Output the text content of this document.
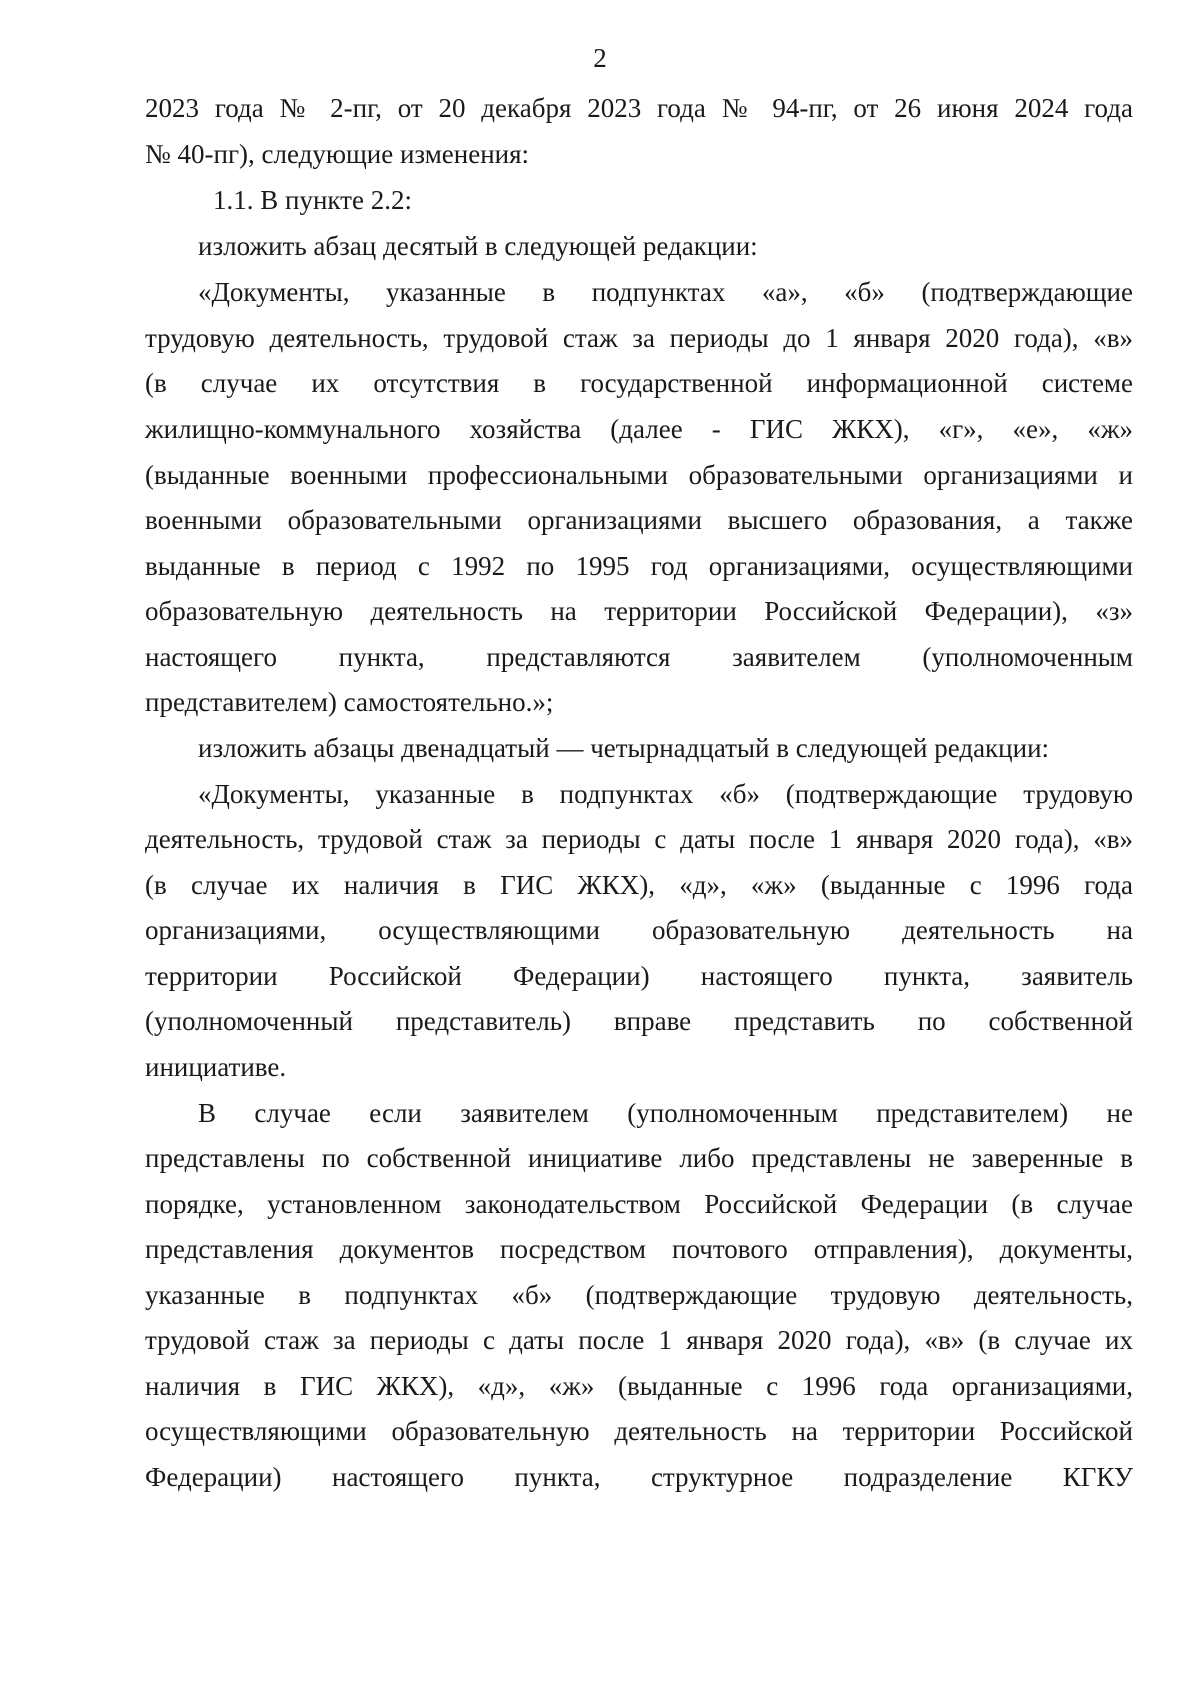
2
2023 года № 2-пг, от 20 декабря 2023 года № 94-пг, от 26 июня 2024 года
№ 40-пг), следующие изменения:
1.1. В пункте 2.2:
изложить абзац десятый в следующей редакции:
«Документы, указанные в подпунктах «а», «б» (подтверждающие
трудовую деятельность, трудовой стаж за периоды до 1 января 2020 года), «в»
(в случае их отсутствия в государственной информационной системе
жилищно-коммунального хозяйства (далее - ГИС ЖКХ), «г», «е», «ж»
(выданные военными профессиональными образовательными организациями и
военными образовательными организациями высшего образования, а также
выданные в период с 1992 по 1995 год организациями, осуществляющими
образовательную деятельность на территории Российской Федерации), «з»
настоящего пункта, представляются заявителем (уполномоченным
представителем) самостоятельно.»;
изложить абзацы двенадцатый — четырнадцатый в следующей редакции:
«Документы, указанные в подпунктах «б» (подтверждающие трудовую
деятельность, трудовой стаж за периоды с даты после 1 января 2020 года), «в»
(в случае их наличия в ГИС ЖКХ), «д», «ж» (выданные с 1996 года
организациями, осуществляющими образовательную деятельность на
территории Российской Федерации) настоящего пункта, заявитель
(уполномоченный представитель) вправе представить по собственной
инициативе.
В случае если заявителем (уполномоченным представителем) не
представлены по собственной инициативе либо представлены не заверенные в
порядке, установленном законодательством Российской Федерации (в случае
представления документов посредством почтового отправления), документы,
указанные в подпунктах «б» (подтверждающие трудовую деятельность,
трудовой стаж за периоды с даты после 1 января 2020 года), «в» (в случае их
наличия в ГИС ЖКХ), «д», «ж» (выданные с 1996 года организациями,
осуществляющими образовательную деятельность на территории Российской
Федерации) настоящего пункта, структурное подразделение КГКУ
